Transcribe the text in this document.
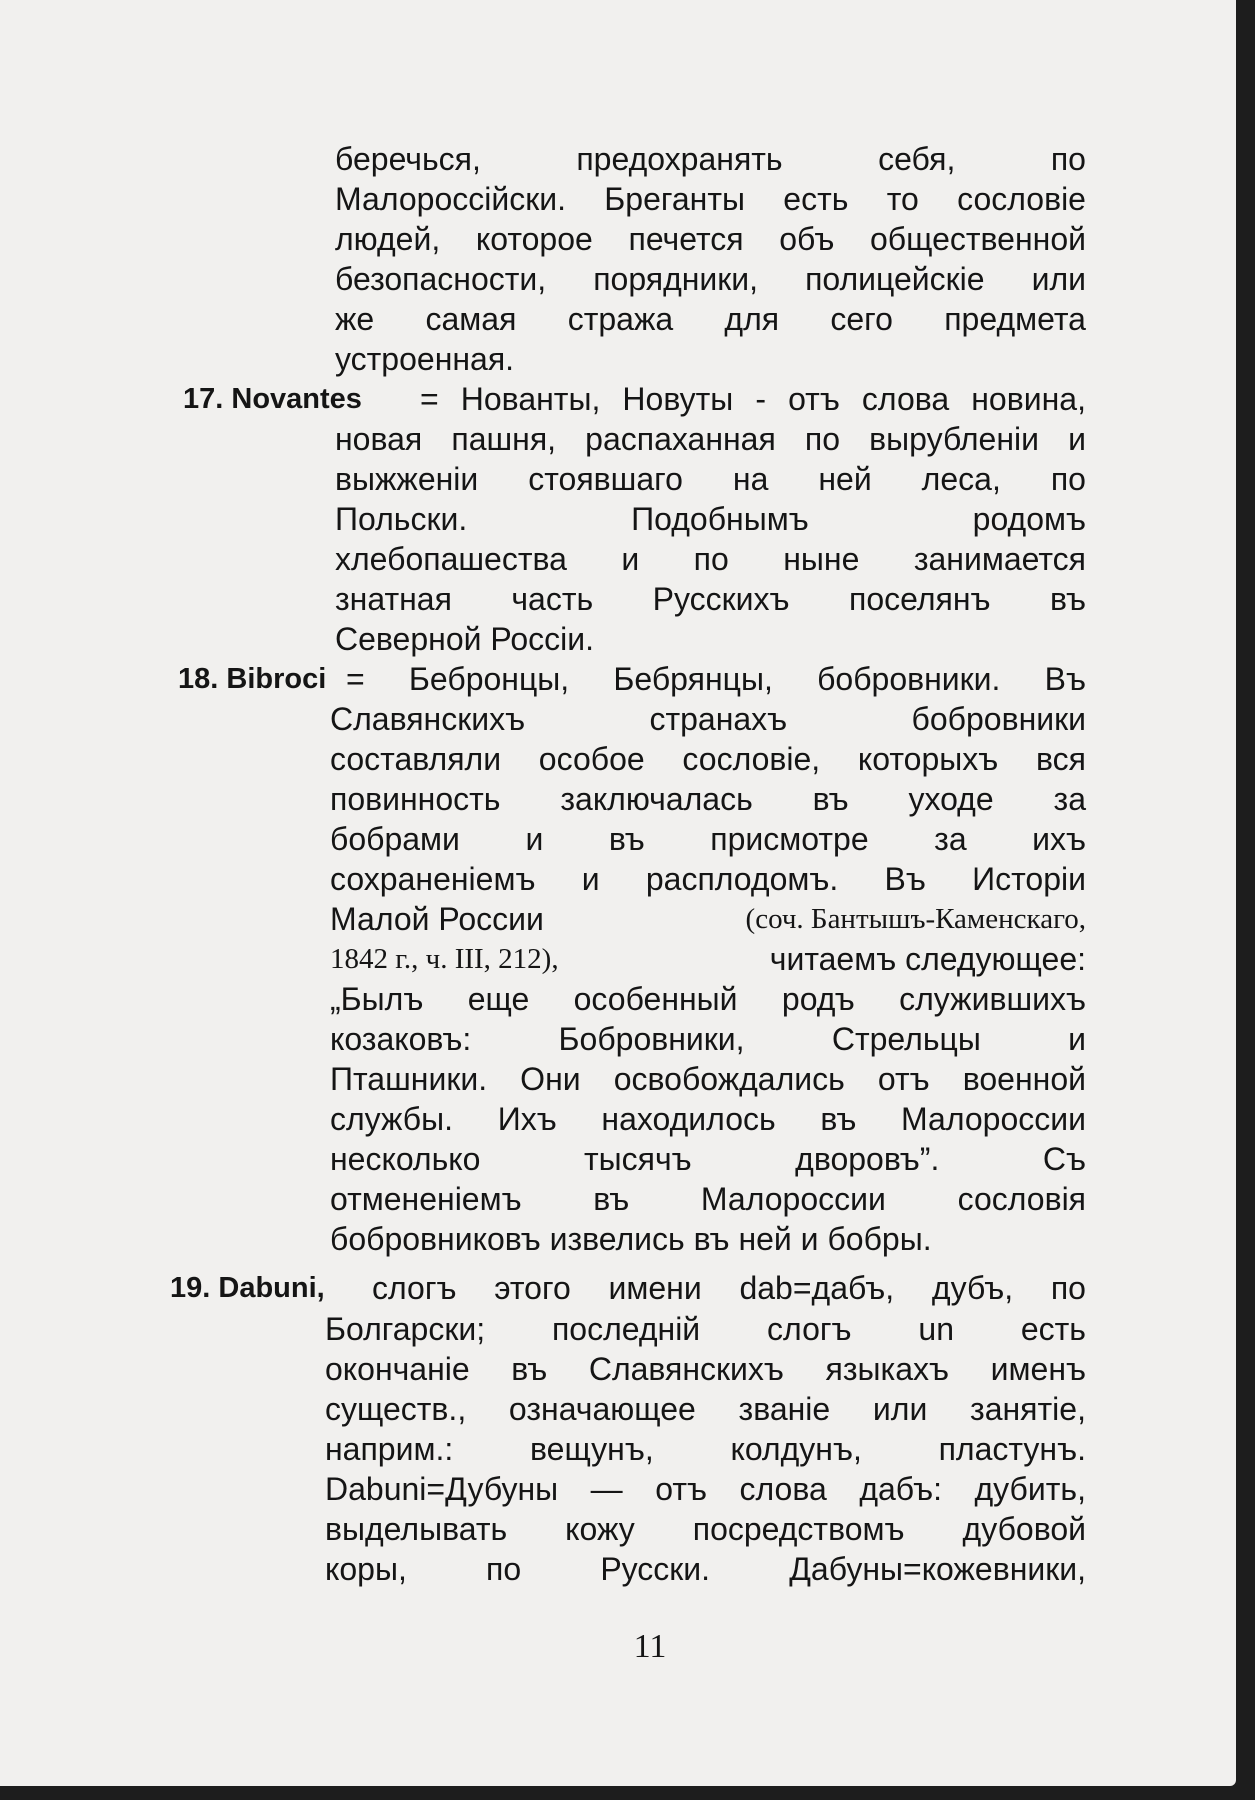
беречься,	предохранять	себя,	по
Малороссійски. Бреганты есть то сословіе
людей, которое печется объ общественной
безопасности, порядники, полицейскіе или
же самая стража для сего предмета
устроенная.
17. Novantes = Нованты, Новуты - отъ слова новина,
новая пашня, распаханная по вырубленіи и
выжженіи стоявшаго на ней леса, по
Польски.	Подобнымъ	родомъ
хлебопашества и по ныне занимается
знатная часть Русскихъ поселянъ въ
Северной Россіи.
18. Bibroci = Бебронцы, Бебрянцы, бобровники. Въ
Славянскихъ	странахъ	бобровники
составляли особое сословіе, которыхъ вся
повинность заключалась въ уходе за
бобрами и въ присмотре за ихъ
сохраненіемъ и расплодомъ. Въ Исторіи
Малой России	(соч. Бантышъ-Каменскаго,
1842 г., ч. III, 212),	читаемъ следующее:
„Былъ еще особенный родъ служившихъ
козаковъ:	Бобровники,	Стрельцы	и
Пташники. Они освобождались отъ военной
службы. Ихъ находилось въ Малороссии
несколько	тысячъ	дворовъ”.	Съ
отмененіемъ въ Малороссии сословія
бобровниковъ извелись въ ней и бобры.
19. Dabuni, слогъ этого имени dab=дабъ, дубъ, по
Болгарски; последній слогъ un есть
окончаніе въ Славянскихъ языкахъ именъ
существ., означающее званіе или занятіе,
наприм.: вещунъ, колдунъ, пластунъ.
Dabuni=Дубуны — отъ слова дабъ: дубить,
выделывать кожу посредствомъ дубовой
коры, по Русски. Дабуны=кожевники,
11
